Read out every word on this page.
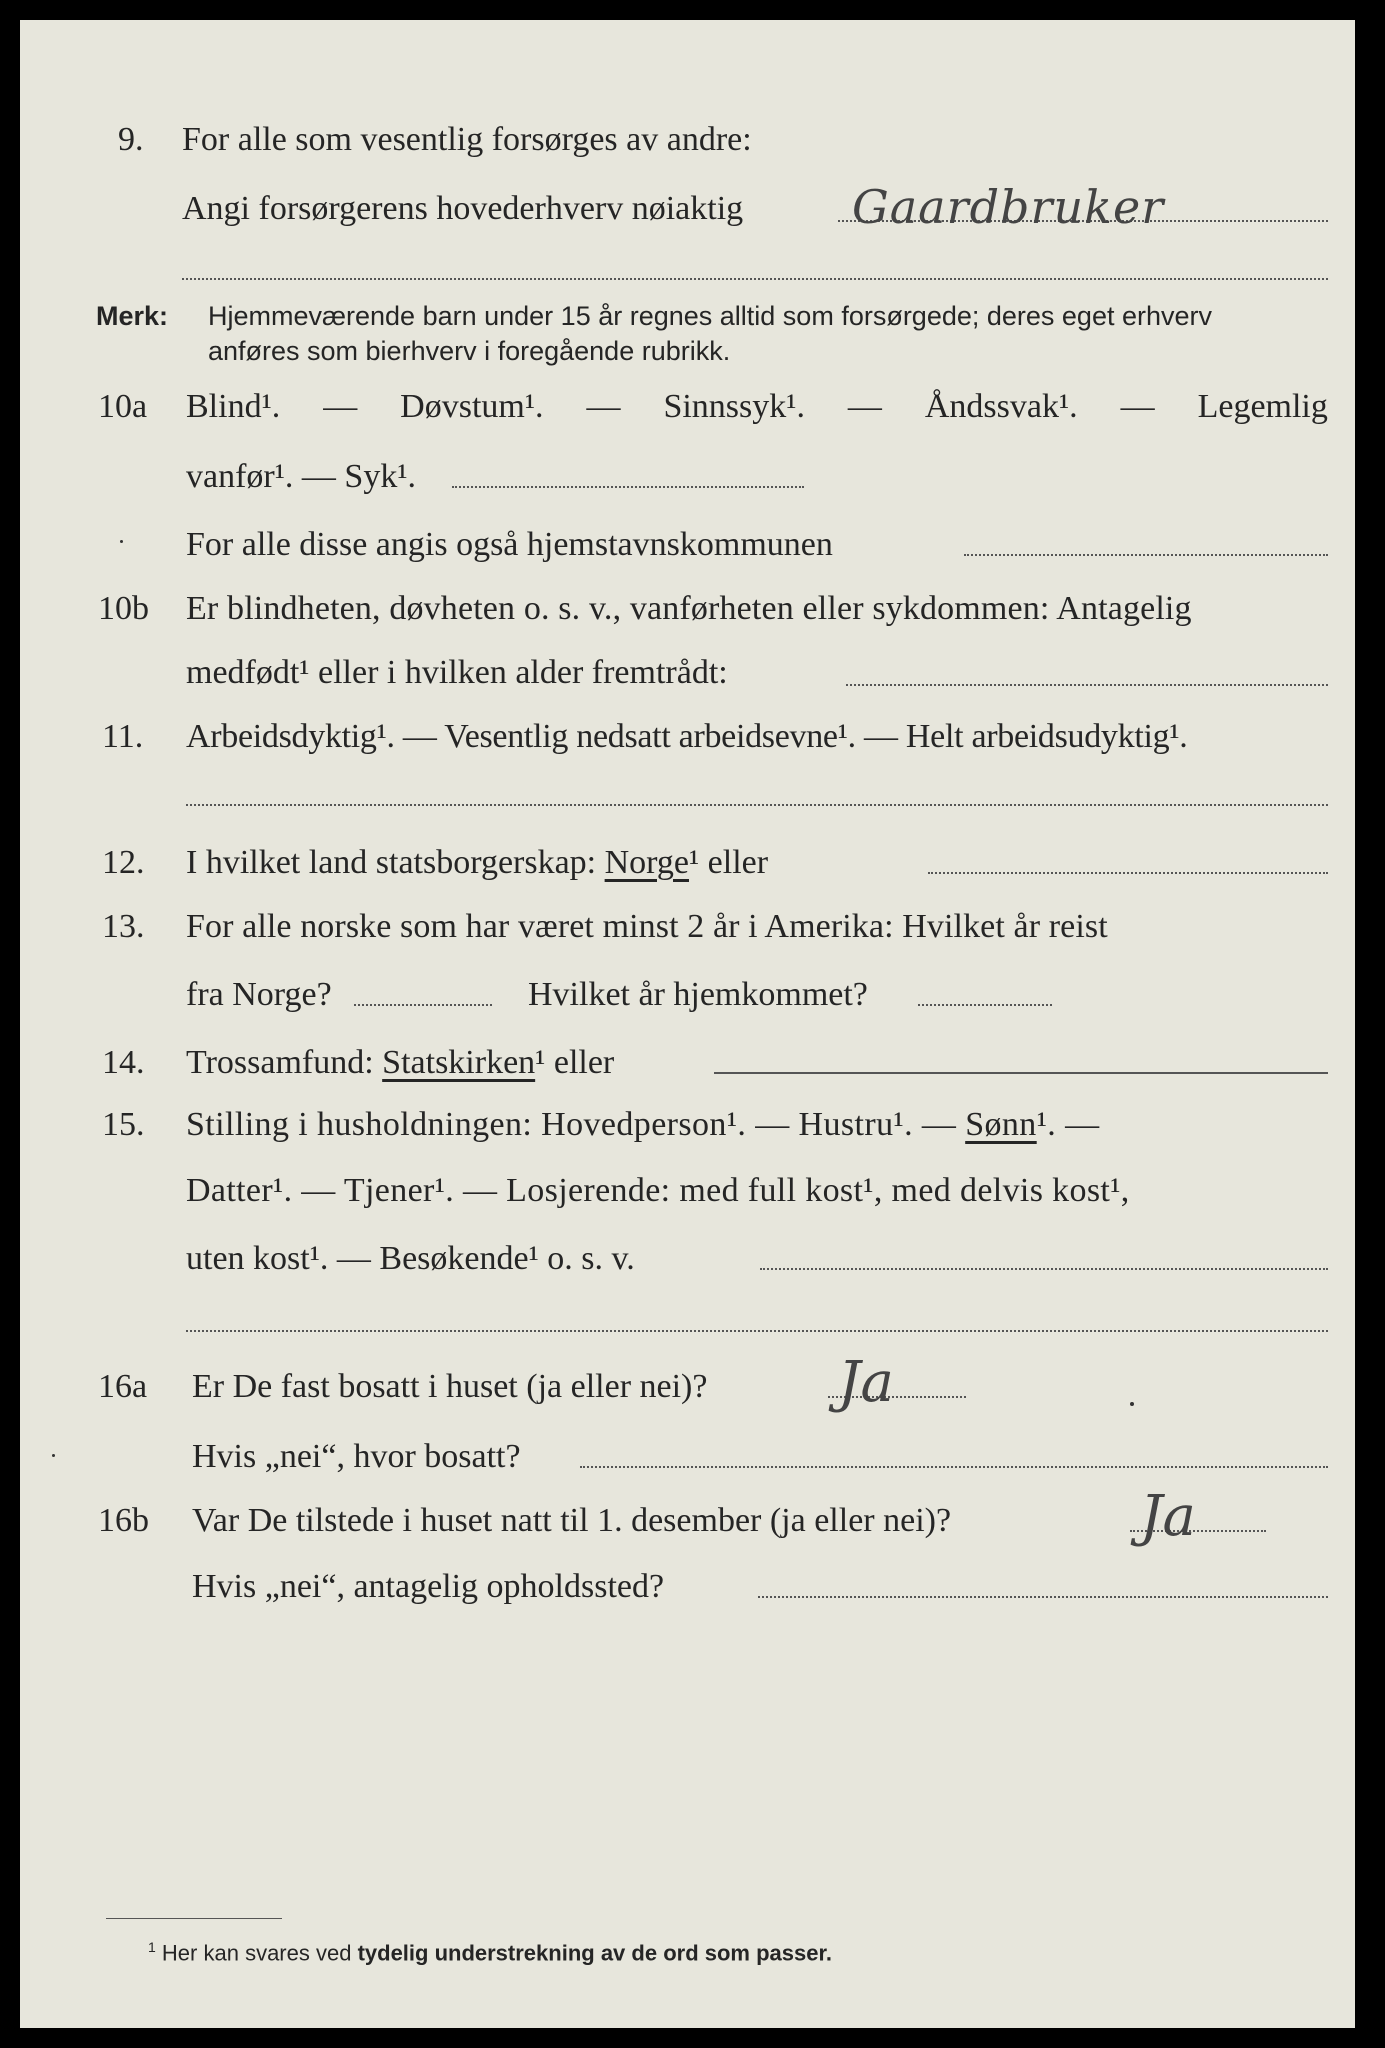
9. For alle som vesentlig forsørges av andre:
Angi forsørgerens hovederhverv nøiaktig Gaardbruker
Merk: Hjemmeværende barn under 15 år regnes alltid som forsørgede; deres eget erhverv
anføres som bierhverv i foregående rubrikk.
10a Blind¹. — Døvstum¹. — Sinnssyk¹. — Åndssvak¹. — Legemlig
vanfør¹. — Syk¹.
For alle disse angis også hjemstavnskommunen
10b Er blindheten, døvheten o. s. v., vanførheten eller sykdommen: Antagelig
medfødt¹ eller i hvilken alder fremtrådt:
11. Arbeidsdyktig¹. — Vesentlig nedsatt arbeidsevne¹. — Helt arbeidsudyktig¹.
12. I hvilket land statsborgerskap: Norge¹ eller
13. For alle norske som har været minst 2 år i Amerika: Hvilket år reist
fra Norge?	Hvilket år hjemkommet?
14. Trossamfund: Statskirken¹ eller
15. Stilling i husholdningen: Hovedperson¹. — Hustru¹. — Sønn¹. —
Datter¹. — Tjener¹. — Losjerende: med full kost¹, med delvis kost¹,
uten kost¹. — Besøkende¹ o. s. v.
16a Er De fast bosatt i huset (ja eller nei)? Ja
Hvis „nei“, hvor bosatt?
16b Var De tilstede i huset natt til 1. desember (ja eller nei)?	Ja
Hvis „nei“, antagelig opholdssted?
$^1$ Her kan svares ved tydelig understrekning av de ord som passer.
